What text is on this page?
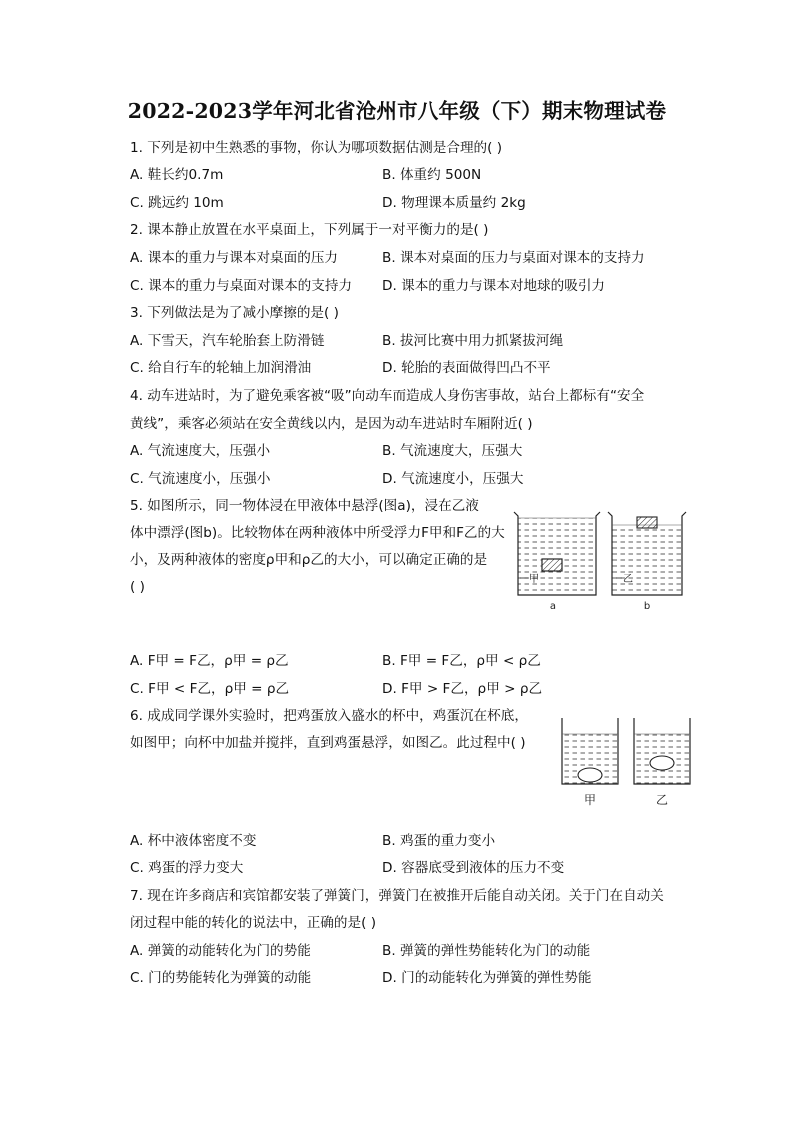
2022-2023学年河北省沧州市八年级（下）期末物理试卷
1. 下列是初中生熟悉的事物，你认为哪项数据估测是合理的( )
A. 鞋长约0.7m	B. 体重约 500N
C. 跳远约 10m	D. 物理课本质量约 2kg
2. 课本静止放置在水平桌面上，下列属于一对平衡力的是( )
A. 课本的重力与课本对桌面的压力	B. 课本对桌面的压力与桌面对课本的支持力
C. 课本的重力与桌面对课本的支持力 D. 课本的重力与课本对地球的吸引力
3. 下列做法是为了减小摩擦的是( )
A. 下雪天，汽车轮胎套上防滑链	B. 拔河比赛中用力抓紧拔河绳
C. 给自行车的轮轴上加润滑油	D. 轮胎的表面做得凹凸不平
4. 动车进站时，为了避免乘客被“吸”向动车而造成人身伤害事故，站台上都标有“安全
黄线”，乘客必须站在安全黄线以内，是因为动车进站时车厢附近( )
A. 气流速度大，压强小	B. 气流速度大，压强大
C. 气流速度小，压强小	D. 气流速度小，压强大
5. 如图所示，同一物体浸在甲液体中悬浮(图a)，浸在乙液
体中漂浮(图b)。比较物体在两种液体中所受浮力F甲和F乙的大
小，及两种液体的密度ρ甲和ρ乙的大小，可以确定正确的是
( )	甲
a
乙
b
A. F甲 = F乙，ρ甲 = ρ乙	B. F甲 = F乙，ρ甲 < ρ乙
C. F甲 < F乙，ρ甲 = ρ乙	D. F甲 > F乙，ρ甲 > ρ乙
6. 成成同学课外实验时，把鸡蛋放入盛水的杯中，鸡蛋沉在杯底，
如图甲；向杯中加盐并搅拌，直到鸡蛋悬浮，如图乙。此过程中( )
甲	乙
A. 杯中液体密度不变	B. 鸡蛋的重力变小
C. 鸡蛋的浮力变大	D. 容器底受到液体的压力不变
7. 现在许多商店和宾馆都安装了弹簧门，弹簧门在被推开后能自动关闭。关于门在自动关
闭过程中能的转化的说法中，正确的是( )
A. 弹簧的动能转化为门的势能	B. 弹簧的弹性势能转化为门的动能
C. 门的势能转化为弹簧的动能	D. 门的动能转化为弹簧的弹性势能
